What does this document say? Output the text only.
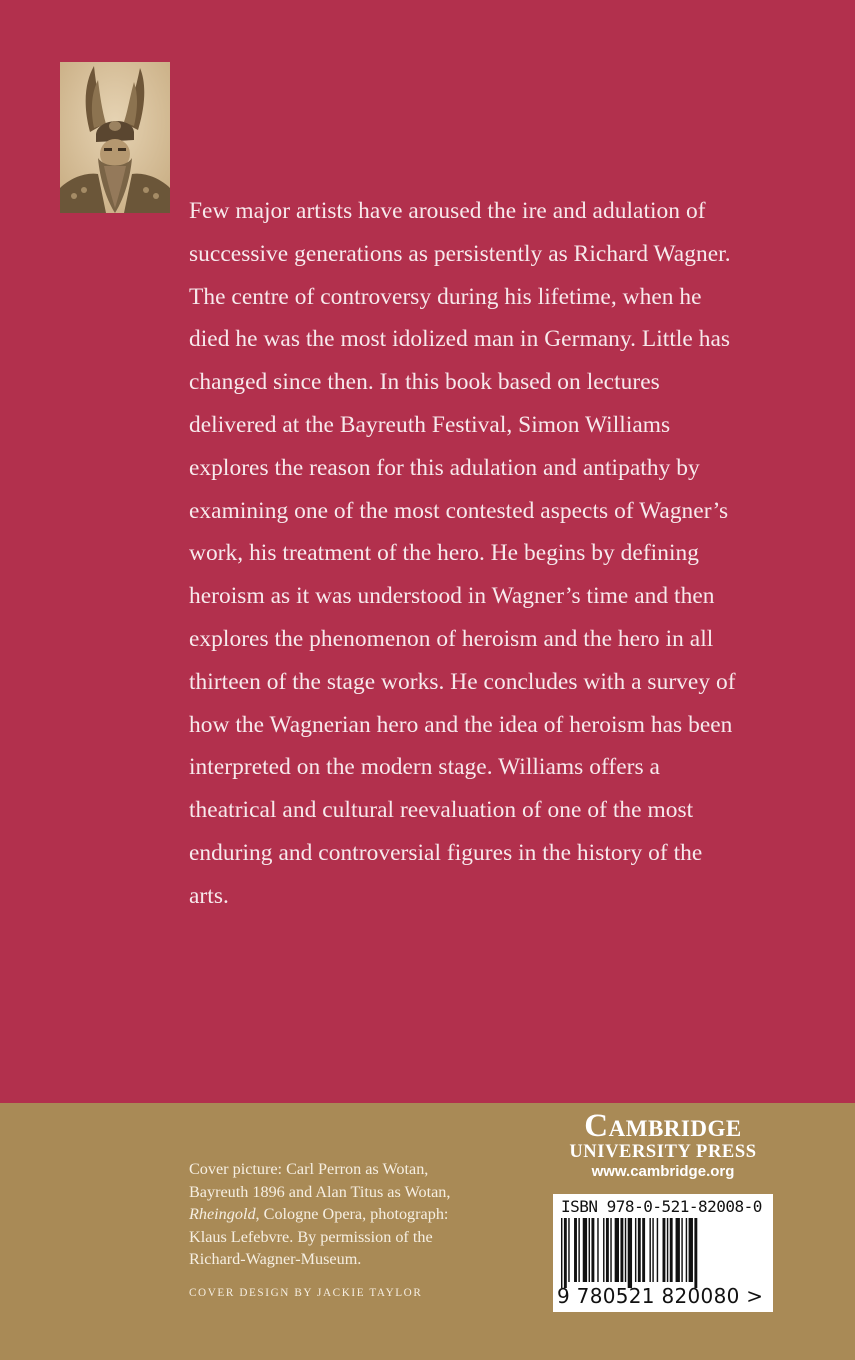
Few major artists have aroused the ire and adulation of
successive generations as persistently as Richard Wagner.
The centre of controversy during his lifetime, when he
died he was the most idolized man in Germany. Little has
changed since then. In this book based on lectures
delivered at the Bayreuth Festival, Simon Williams
explores the reason for this adulation and antipathy by
examining one of the most contested aspects of Wagner’s
work, his treatment of the hero. He begins by defining
heroism as it was understood in Wagner’s time and then
explores the phenomenon of heroism and the hero in all
thirteen of the stage works. He concludes with a survey of
how the Wagnerian hero and the idea of heroism has been
interpreted on the modern stage. Williams offers a
theatrical and cultural reevaluation of one of the most
enduring and controversial figures in the history of the
arts.

Cover picture: Carl Perron as Wotan,
Bayreuth 1896 and Alan Titus as Wotan,
Rheingold, Cologne Opera, photograph:
Klaus Lefebvre. By permission of the
Richard-Wagner-Museum.

COVER DESIGN BY JACKIE TAYLOR
Cambridge
UNIVERSITY PRESS
www.cambridge.org
ISBN 978-0-521-82008-0
9 780521 820080 >
